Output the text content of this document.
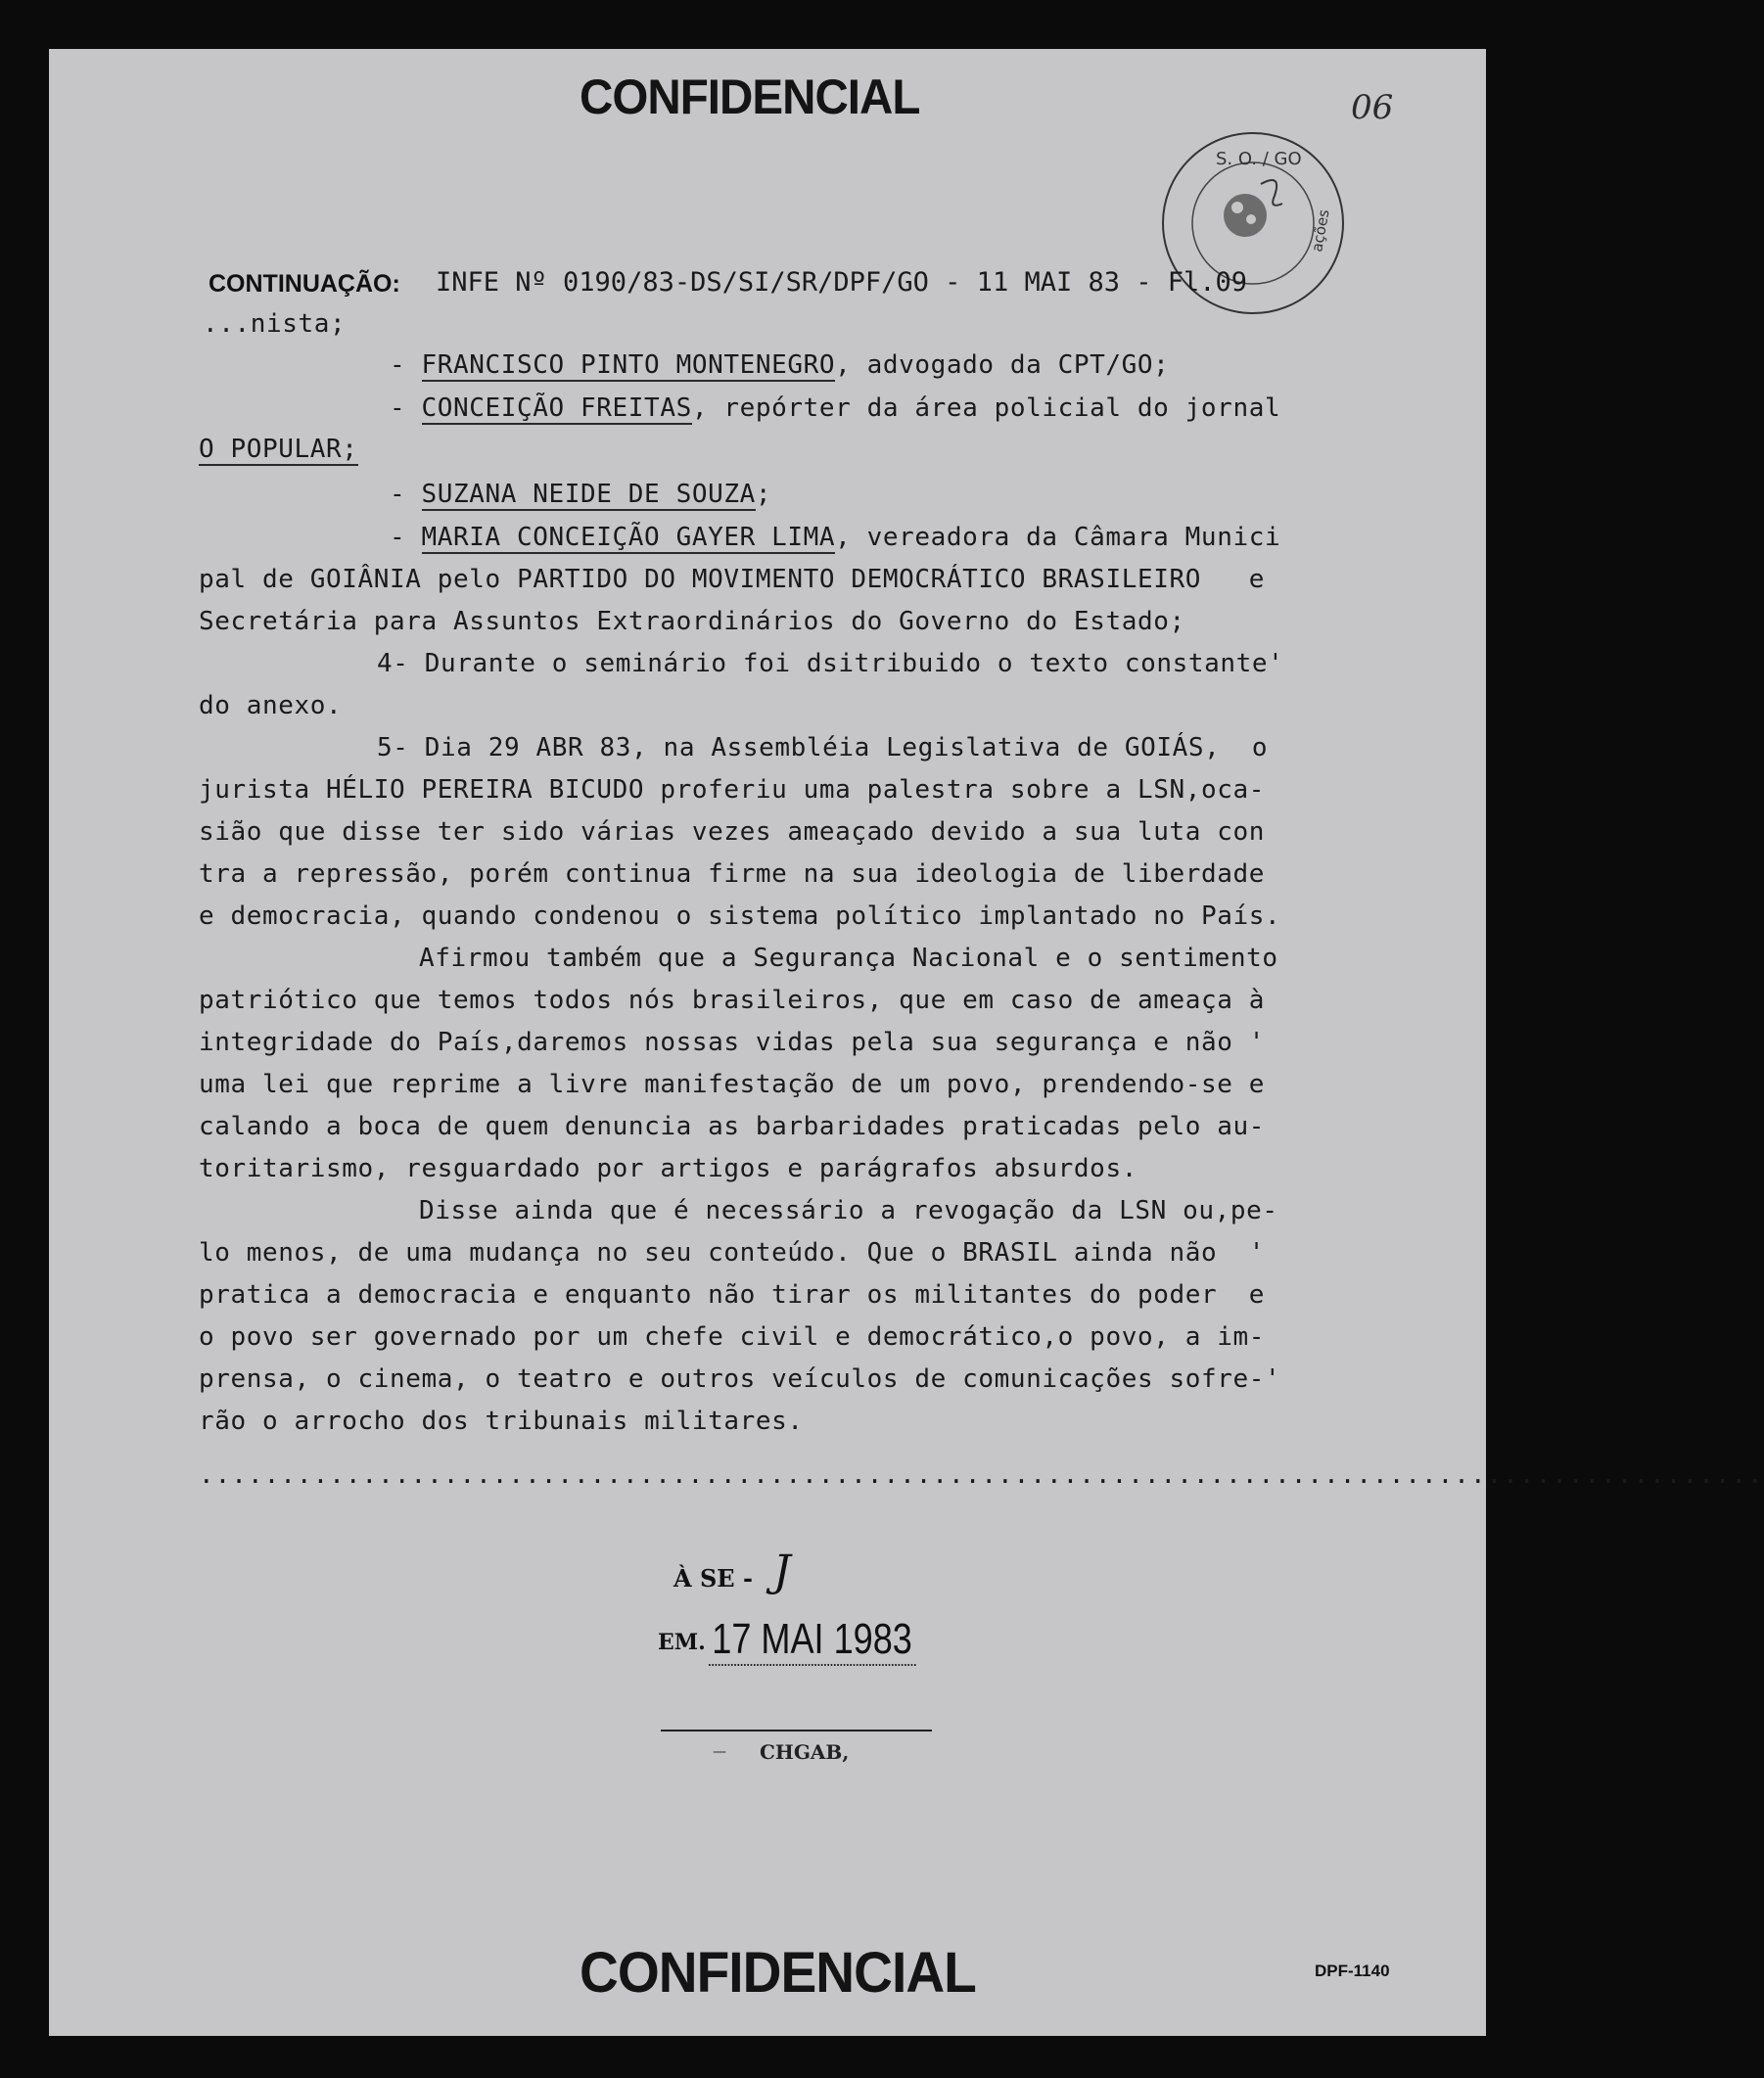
CONFIDENCIAL	06
S. O. / GO
ações
CONTINUAÇÃO: INFE Nº 0190/83-DS/SI/SR/DPF/GO - 11 MAI 83 - Fl.09
...nista;
- FRANCISCO PINTO MONTENEGRO, advogado da CPT/GO;
- CONCEIÇÃO FREITAS, repórter da área policial do jornal
O POPULAR;
- SUZANA NEIDE DE SOUZA;
- MARIA CONCEIÇÃO GAYER LIMA, vereadora da Câmara Munici
pal de GOIÂNIA pelo PARTIDO DO MOVIMENTO DEMOCRÁTICO BRASILEIRO   e
Secretária para Assuntos Extraordinários do Governo do Estado;
4- Durante o seminário foi dsitribuido o texto constante'
do anexo.
5- Dia 29 ABR 83, na Assembléia Legislativa de GOIÁS,  o
jurista HÉLIO PEREIRA BICUDO proferiu uma palestra sobre a LSN,oca-
sião que disse ter sido várias vezes ameaçado devido a sua luta con
tra a repressão, porém continua firme na sua ideologia de liberdade
e democracia, quando condenou o sistema político implantado no País.
Afirmou também que a Segurança Nacional e o sentimento
patriótico que temos todos nós brasileiros, que em caso de ameaça à
integridade do País,daremos nossas vidas pela sua segurança e não '
uma lei que reprime a livre manifestação de um povo, prendendo-se e
calando a boca de quem denuncia as barbaridades praticadas pelo au-
toritarismo, resguardado por artigos e parágrafos absurdos.
Disse ainda que é necessário a revogação da LSN ou,pe-
lo menos, de uma mudança no seu conteúdo. Que o BRASIL ainda não  '
pratica a democracia e enquanto não tirar os militantes do poder  e
o povo ser governado por um chefe civil e democrático,o povo, a im-
prensa, o cinema, o teatro e outros veículos de comunicações sofre-'
rão o arrocho dos tribunais militares.
................................................................................................
À SE - J
EM. 17 MAI 1983
— CHGAB,
CONFIDENCIAL	DPF-1140
